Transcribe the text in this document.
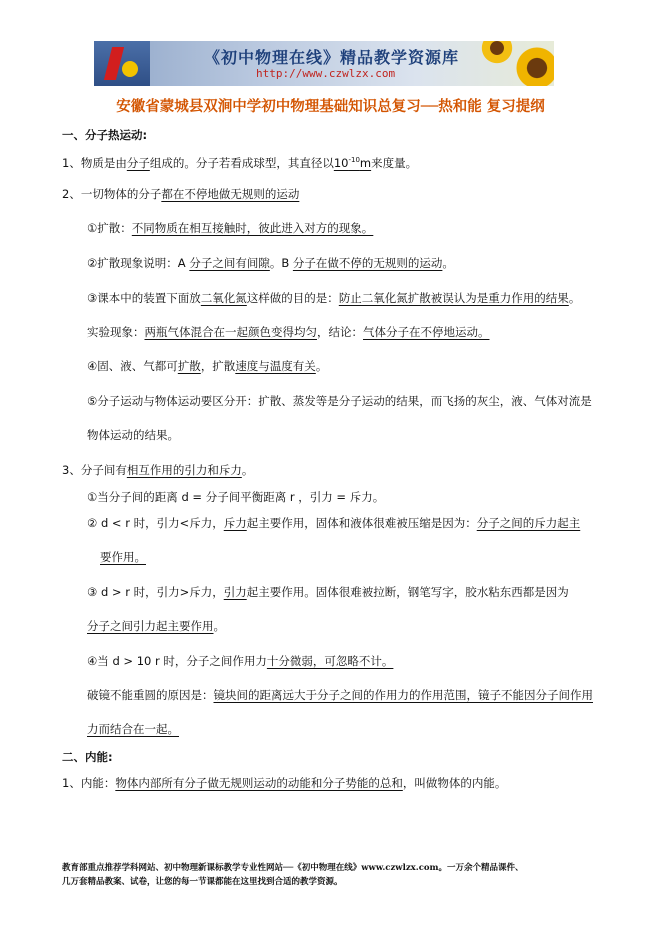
《初中物理在线》精品教学资源库
http://www.czwlzx.com
安徽省蒙城县双涧中学初中物理基础知识总复习──热和能 复习提纲
一、分子热运动:
1、物质是由分子组成的。分子若看成球型，其直径以$10^{-10}m$来度量。
2、一切物体的分子都在不停地做无规则的运动
①扩散：不同物质在相互接触时，彼此进入对方的现象。
②扩散现象说明：A 分子之间有间隙。B 分子在做不停的无规则的运动。
③课本中的装置下面放二氧化氮这样做的目的是：防止二氧化氮扩散被误认为是重力作用的结果。
实验现象：两瓶气体混合在一起颜色变得均匀，结论：气体分子在不停地运动。
④固、液、气都可扩散，扩散速度与温度有关。
⑤分子运动与物体运动要区分开：扩散、蒸发等是分子运动的结果，而飞扬的灰尘，液、气体对流是
物体运动的结果。
3、分子间有相互作用的引力和斥力。
①当分子间的距离 d = 分子间平衡距离 r ，引力 = 斥力。
② d < r 时，引力<斥力，斥力起主要作用，固体和液体很难被压缩是因为：分子之间的斥力起主
要作用。
③ d > r 时，引力>斥力，引力起主要作用。固体很难被拉断，钢笔写字，胶水粘东西都是因为
分子之间引力起主要作用。
④当 d > 10 r 时，分子之间作用力十分微弱，可忽略不计。
破镜不能重圆的原因是：镜块间的距离远大于分子之间的作用力的作用范围，镜子不能因分子间作用
力而结合在一起。
二、内能:
1、内能：物体内部所有分子做无规则运动的动能和分子势能的总和，叫做物体的内能。
教育部重点推荐学科网站、初中物理新课标教学专业性网站──《初中物理在线》www.czwlzx.com。一万余个精品课件、
几万套精品教案、试卷，让您的每一节课都能在这里找到合适的教学资源。
